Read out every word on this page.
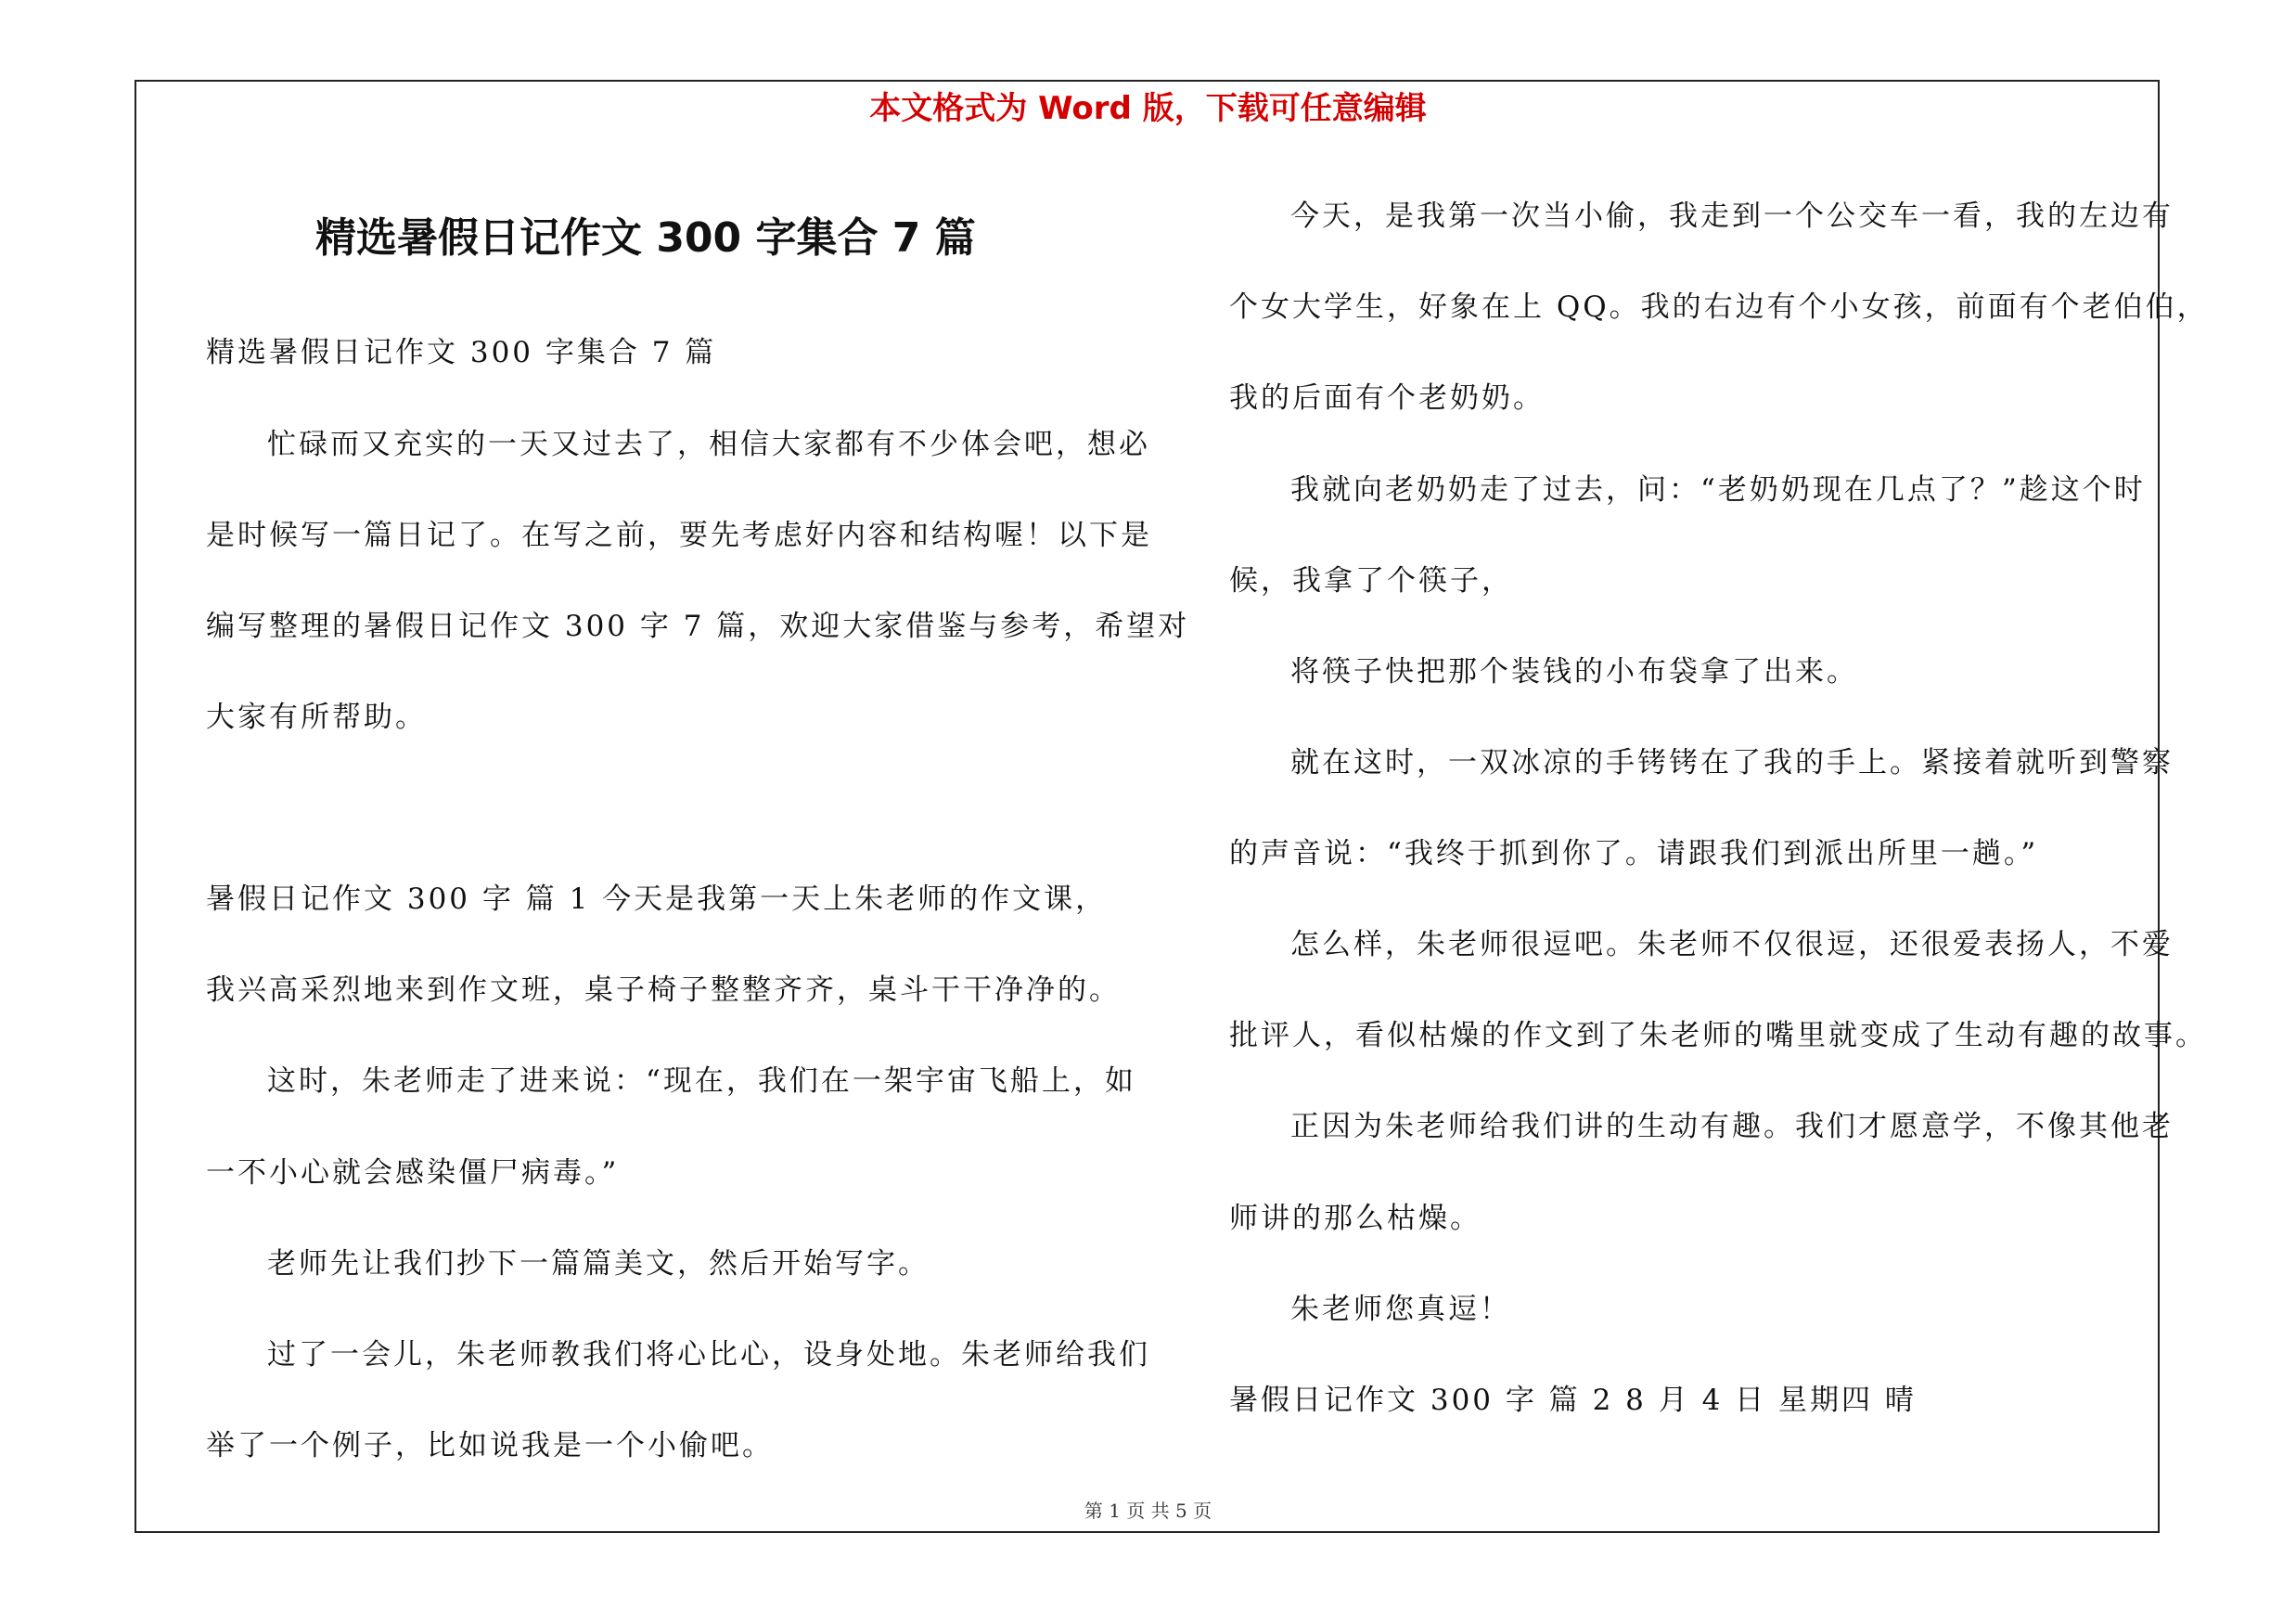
本文格式为 Word 版，下载可任意编辑
精选暑假日记作文 300 字集合 7 篇
精选暑假日记作文 300 字集合 7 篇
忙碌而又充实的一天又过去了，相信大家都有不少体会吧，想必
是时候写一篇日记了。在写之前，要先考虑好内容和结构喔！以下是
编写整理的暑假日记作文 300 字 7 篇，欢迎大家借鉴与参考，希望对
大家有所帮助。
暑假日记作文 300 字 篇 1 今天是我第一天上朱老师的作文课，
我兴高采烈地来到作文班，桌子椅子整整齐齐，桌斗干干净净的。
这时，朱老师走了进来说：“现在，我们在一架宇宙飞船上，如
一不小心就会感染僵尸病毒。”
老师先让我们抄下一篇篇美文，然后开始写字。
过了一会儿，朱老师教我们将心比心，设身处地。朱老师给我们
举了一个例子，比如说我是一个小偷吧。
今天，是我第一次当小偷，我走到一个公交车一看，我的左边有
个女大学生，好象在上 QQ。我的右边有个小女孩，前面有个老伯伯，
我的后面有个老奶奶。
我就向老奶奶走了过去，问：“老奶奶现在几点了？”趁这个时
候，我拿了个筷子，
将筷子快把那个装钱的小布袋拿了出来。
就在这时，一双冰凉的手铐铐在了我的手上。紧接着就听到警察
的声音说：“我终于抓到你了。请跟我们到派出所里一趟。”
怎么样，朱老师很逗吧。朱老师不仅很逗，还很爱表扬人，不爱
批评人，看似枯燥的作文到了朱老师的嘴里就变成了生动有趣的故事。
正因为朱老师给我们讲的生动有趣。我们才愿意学，不像其他老
师讲的那么枯燥。
朱老师您真逗！
暑假日记作文 300 字 篇 2 8 月 4 日 星期四 晴
第 1 页 共 5 页
